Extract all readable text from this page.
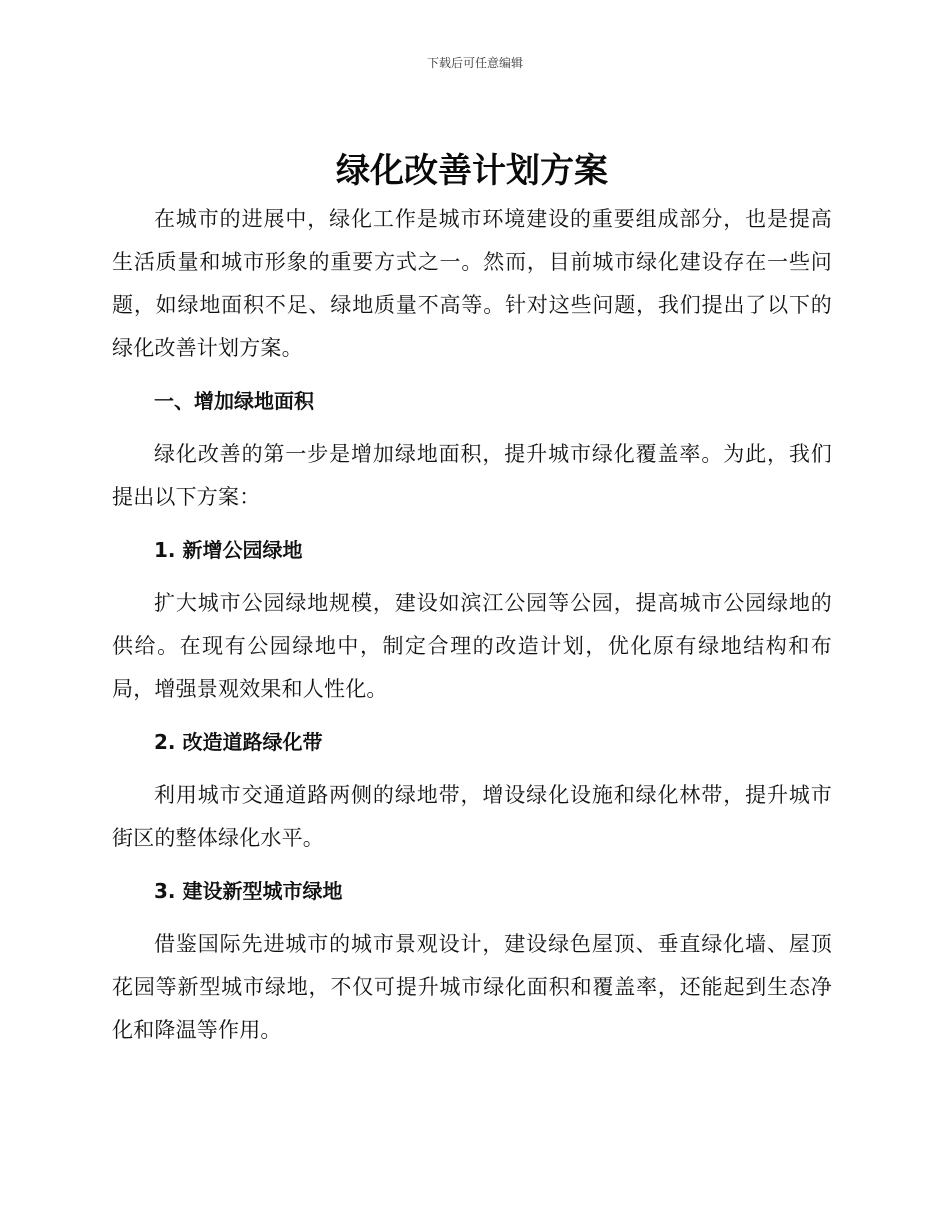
下载后可任意编辑
绿化改善计划方案

在城市的进展中，绿化工作是城市环境建设的重要组成部分，也是提高生活质量和城市形象的重要方式之一。然而，目前城市绿化建设存在一些问题，如绿地面积不足、绿地质量不高等。针对这些问题，我们提出了以下的绿化改善计划方案。

一、增加绿地面积

绿化改善的第一步是增加绿地面积，提升城市绿化覆盖率。为此，我们提出以下方案：

1. 新增公园绿地

扩大城市公园绿地规模，建设如滨江公园等公园，提高城市公园绿地的供给。在现有公园绿地中，制定合理的改造计划，优化原有绿地结构和布局，增强景观效果和人性化。

2. 改造道路绿化带

利用城市交通道路两侧的绿地带，增设绿化设施和绿化林带，提升城市街区的整体绿化水平。

3. 建设新型城市绿地

借鉴国际先进城市的城市景观设计，建设绿色屋顶、垂直绿化墙、屋顶花园等新型城市绿地，不仅可提升城市绿化面积和覆盖率，还能起到生态净化和降温等作用。
